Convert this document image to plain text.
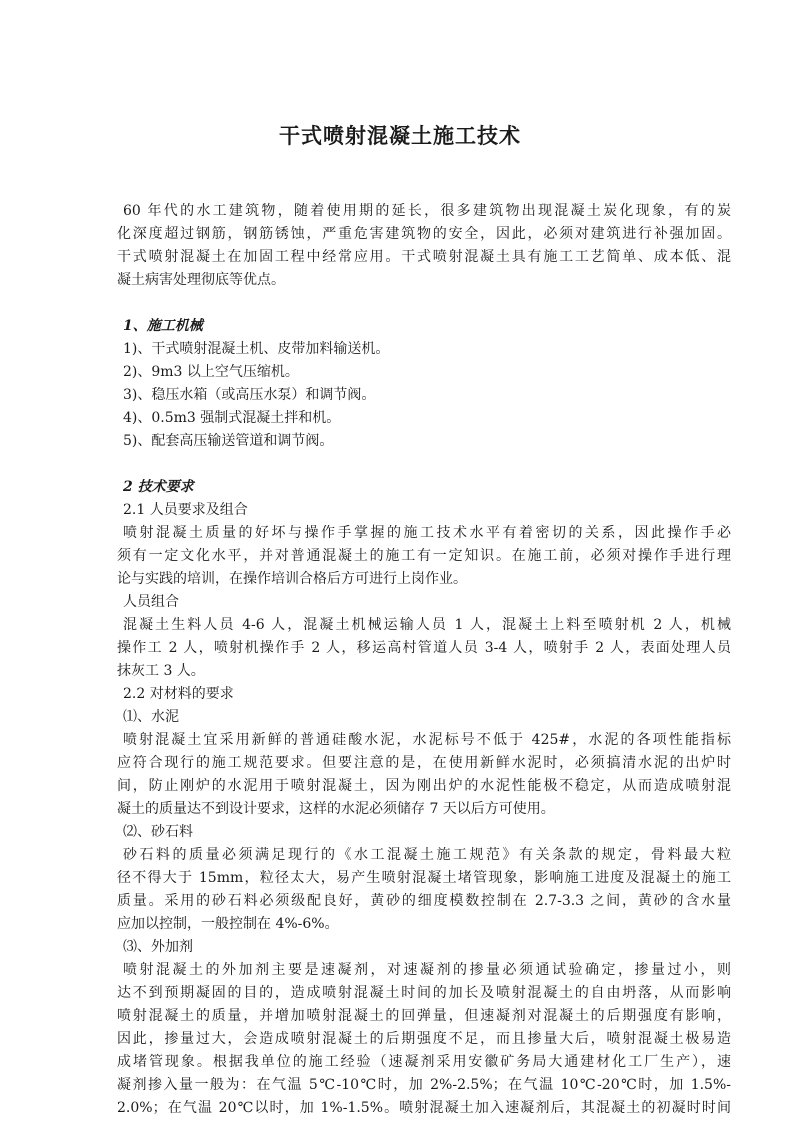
干式喷射混凝土施工技术
60 年代的水工建筑物，随着使用期的延长，很多建筑物出现混凝土炭化现象，有的炭
化深度超过钢筋，钢筋锈蚀，严重危害建筑物的安全，因此，必须对建筑进行补强加固。
干式喷射混凝土在加固工程中经常应用。干式喷射混凝土具有施工工艺简单、成本低、混
凝土病害处理彻底等优点。
1、施工机械
1)、干式喷射混凝土机、皮带加料输送机。
2)、9m3 以上空气压缩机。
3)、稳压水箱（或高压水泵）和调节阀。
4)、0.5m3 强制式混凝土拌和机。
5)、配套高压输送管道和调节阀。
2 技术要求
2.1 人员要求及组合
喷射混凝土质量的好坏与操作手掌握的施工技术水平有着密切的关系，因此操作手必
须有一定文化水平，并对普通混凝土的施工有一定知识。在施工前，必须对操作手进行理
论与实践的培训，在操作培训合格后方可进行上岗作业。
人员组合
混凝土生料人员 4-6 人，混凝土机械运输人员 1 人，混凝土上料至喷射机 2 人，机械
操作工 2 人，喷射机操作手 2 人，移运高村管道人员 3-4 人，喷射手 2 人，表面处理人员
抹灰工 3 人。
2.2 对材料的要求
⑴、水泥
喷射混凝土宜采用新鲜的普通硅酸水泥，水泥标号不低于 425#，水泥的各项性能指标
应符合现行的施工规范要求。但要注意的是，在使用新鲜水泥时，必须搞清水泥的出炉时
间，防止刚炉的水泥用于喷射混凝土，因为刚出炉的水泥性能极不稳定，从而造成喷射混
凝土的质量达不到设计要求，这样的水泥必须储存 7 天以后方可使用。
⑵、砂石料
砂石料的质量必须满足现行的《水工混凝土施工规范》有关条款的规定，骨料最大粒
径不得大于 15mm，粒径太大，易产生喷射混凝土堵管现象，影响施工进度及混凝土的施工
质量。采用的砂石料必须级配良好，黄砂的细度模数控制在 2.7-3.3 之间，黄砂的含水量
应加以控制，一般控制在 4%-6%。
⑶、外加剂
喷射混凝土的外加剂主要是速凝剂，对速凝剂的掺量必须通试验确定，掺量过小，则
达不到预期凝固的目的，造成喷射混凝土时间的加长及喷射混凝土的自由坍落，从而影响
喷射混凝土的质量，并增加喷射混凝土的回弹量，但速凝剂对混凝土的后期强度有影响，
因此，掺量过大，会造成喷射混凝土的后期强度不足，而且掺量大后，喷射混凝土极易造
成堵管现象。根据我单位的施工经验（速凝剂采用安徽矿务局大通建材化工厂生产），速
凝剂掺入量一般为：在气温 5℃-10℃时，加 2%-2.5%；在气温 10℃-20℃时，加 1.5%-
2.0%；在气温 20℃以时，加 1%-1.5%。喷射混凝土加入速凝剂后，其混凝土的初凝时时间
